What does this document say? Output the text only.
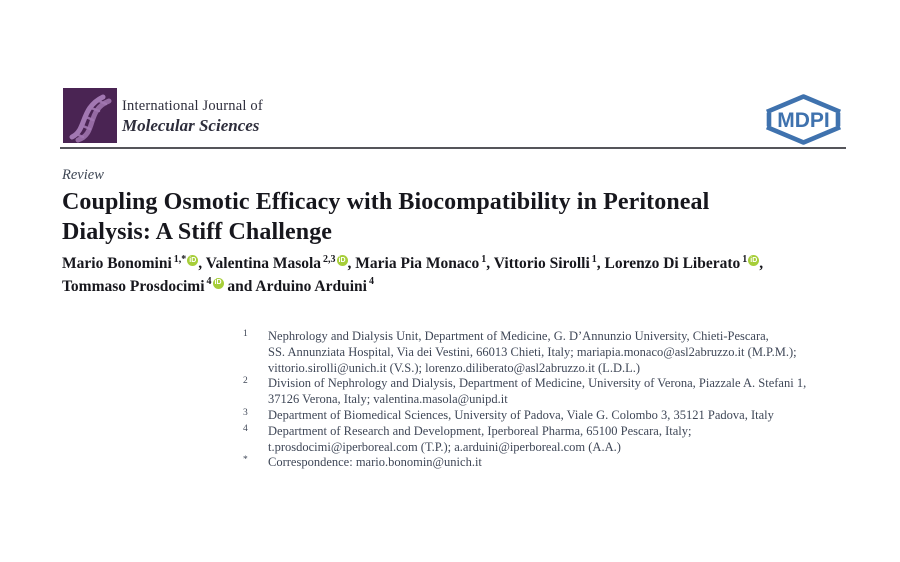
International Journal of
Molecular Sciences	MDPI
Review
Coupling Osmotic Efficacy with Biocompatibility in Peritoneal
Dialysis: A Stiff Challenge

Mario Bonomini $^{1,*}$ iD , Valentina Masola $^{2,3}$ iD , Maria Pia Monaco $^1$, Vittorio Sirolli $^1$, Lorenzo Di Liberato $^1$ iD ,
Tommaso Prosdocimi $^4$ iD and Arduino Arduini $^4$

1 Nephrology and Dialysis Unit, Department of Medicine, G. D’Annunzio University, Chieti-Pescara,
SS. Annunziata Hospital, Via dei Vestini, 66013 Chieti, Italy; mariapia.monaco@asl2abruzzo.it (M.P.M.);
vittorio.sirolli@unich.it (V.S.); lorenzo.diliberato@asl2abruzzo.it (L.D.L.)
2 Division of Nephrology and Dialysis, Department of Medicine, University of Verona, Piazzale A. Stefani 1,
37126 Verona, Italy; valentina.masola@unipd.it
3 Department of Biomedical Sciences, University of Padova, Viale G. Colombo 3, 35121 Padova, Italy
4 Department of Research and Development, Iperboreal Pharma, 65100 Pescara, Italy;
t.prosdocimi@iperboreal.com (T.P.); a.arduini@iperboreal.com (A.A.)
* Correspondence: mario.bonomin@unich.it
